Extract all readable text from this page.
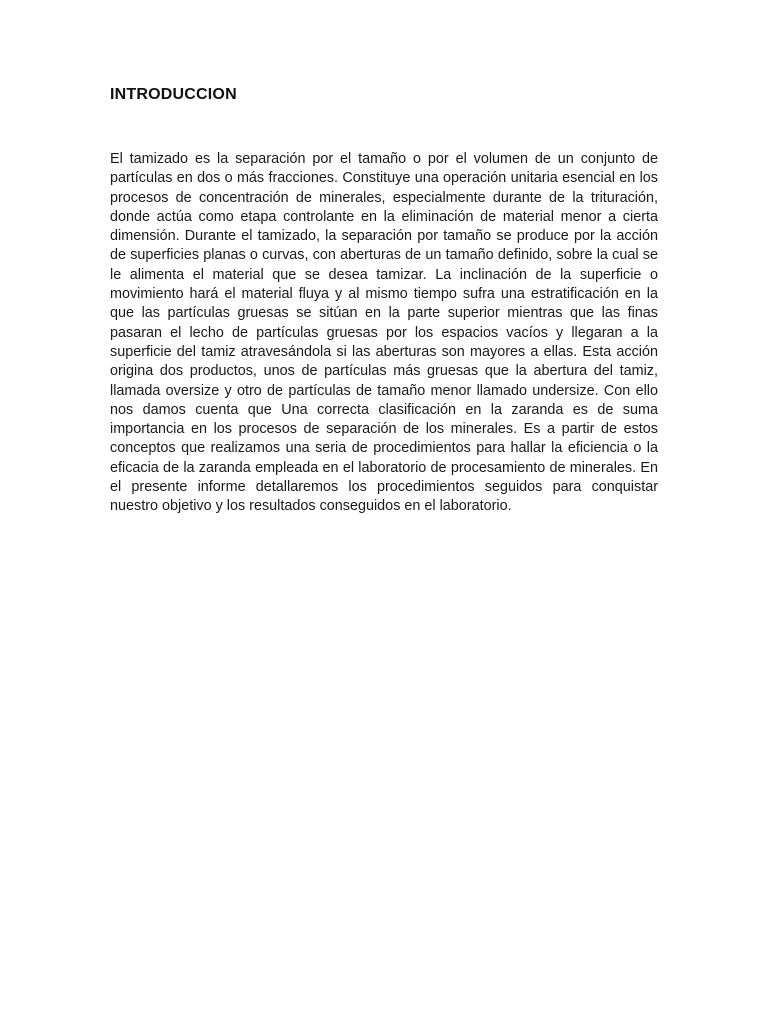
INTRODUCCION

El tamizado es la separación por el tamaño o por el volumen de un conjunto de partículas en dos o más fracciones. Constituye una operación unitaria esencial en los procesos de concentración de minerales, especialmente durante de la trituración, donde actúa como etapa controlante en la eliminación de material menor a cierta dimensión. Durante el tamizado, la separación por tamaño se produce por la acción de superficies planas o curvas, con aberturas de un tamaño definido, sobre la cual se le alimenta el material que se desea tamizar. La inclinación de la superficie o movimiento hará el material fluya y al mismo tiempo sufra una estratificación en la que las partículas gruesas se sitúan en la parte superior mientras que las finas pasaran el lecho de partículas gruesas por los espacios vacíos y llegaran a la superficie del tamiz atravesándola si las aberturas son mayores a ellas. Esta acción origina dos productos, unos de partículas más gruesas que la abertura del tamiz, llamada oversize y otro de partículas de tamaño menor llamado undersize. Con ello nos damos cuenta que Una correcta clasificación en la zaranda es de suma importancia en los procesos de separación de los minerales. Es a partir de estos conceptos que realizamos una seria de procedimientos para hallar la eficiencia o la eficacia de la zaranda empleada en el laboratorio de procesamiento de minerales. En el presente informe detallaremos los procedimientos seguidos para conquistar nuestro objetivo y los resultados conseguidos en el laboratorio.
